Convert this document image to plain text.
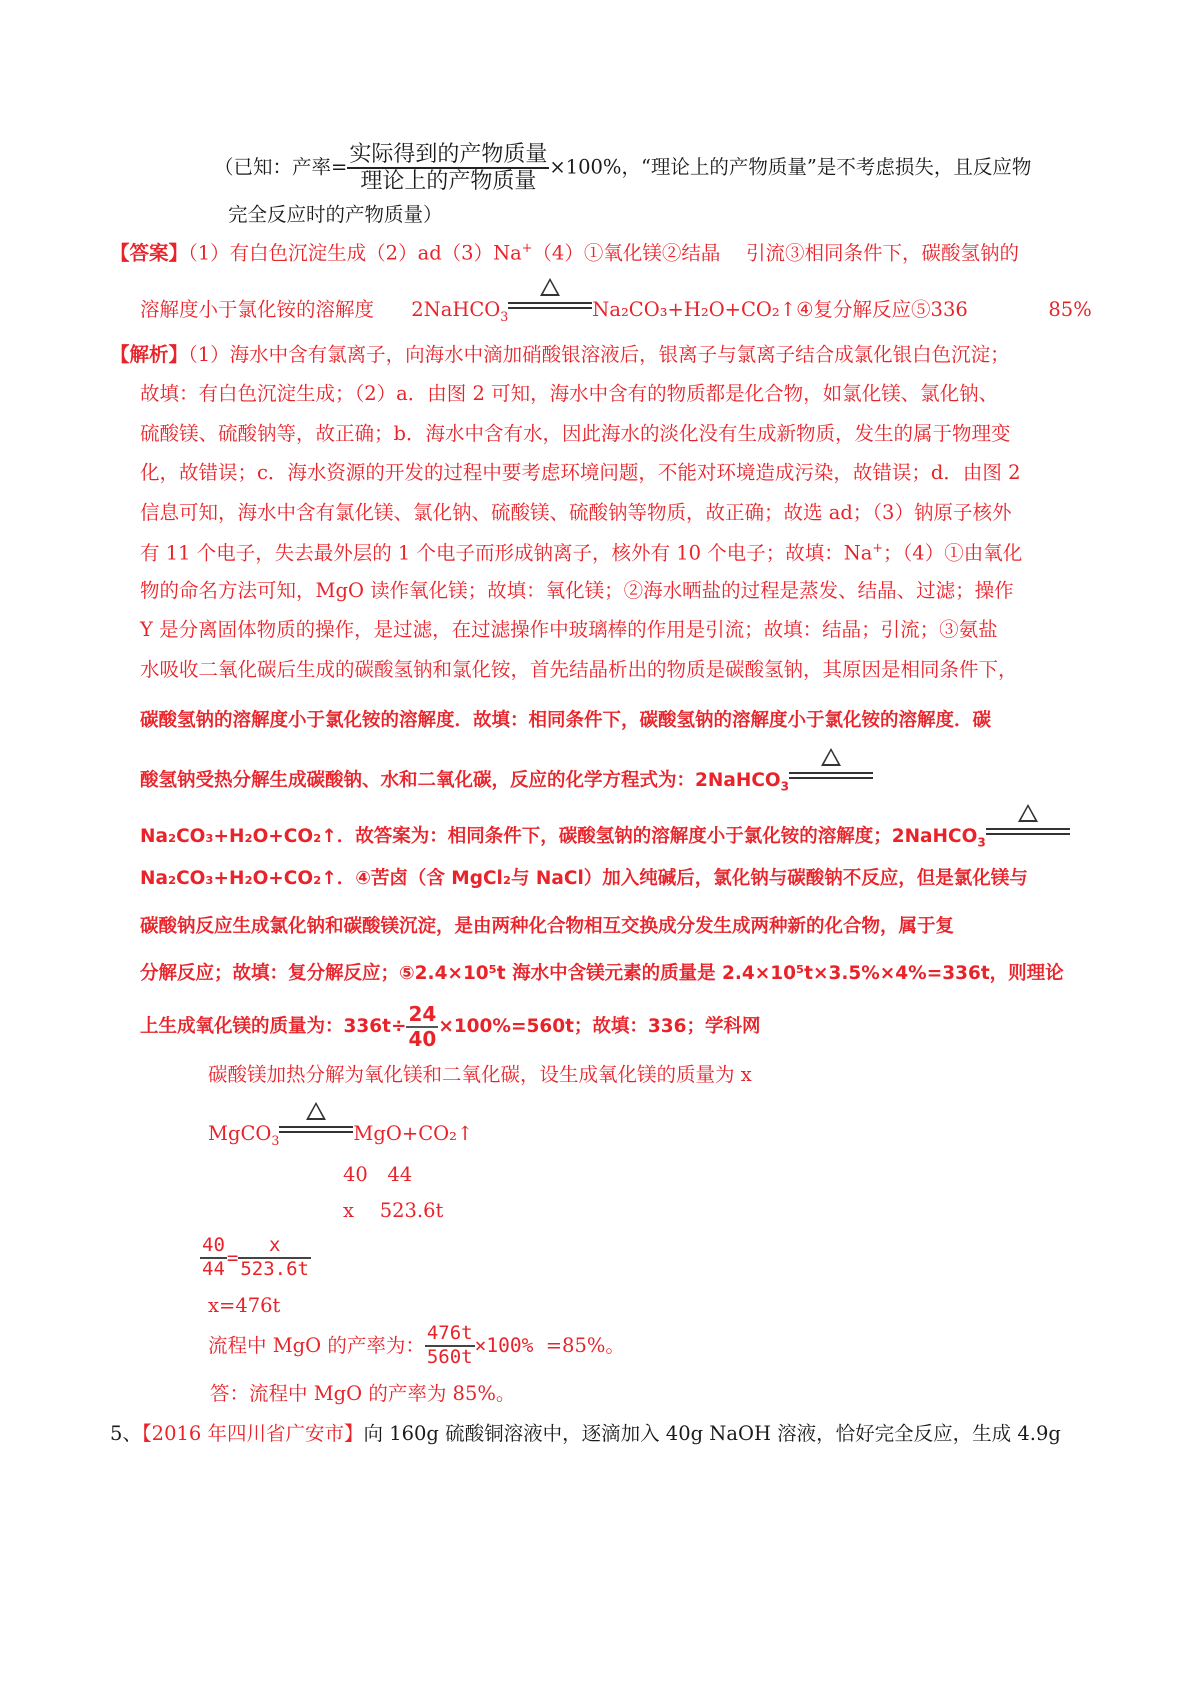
（已知：产率= $\frac{\text{实际得到的产物质量}}{\text{理论上的产物质量}} \times 100\%$，“理论上的产物质量”是不考虑损失，且反应物
完全反应时的产物质量）
【答案】（1）有白色沉淀生成（2）ad（3）Na+（4）①氧化镁②结晶　 引流③相同条件下，碳酸氢钠的
溶解度小于氯化铵的溶解度 2NaHCO$_3$	Na₂CO₃+H₂O+CO₂↑④复分解反应⑤336	85%
【解析】（1）海水中含有氯离子，向海水中滴加硝酸银溶液后，银离子与氯离子结合成氯化银白色沉淀；
故填：有白色沉淀生成；（2）a．由图 2 可知，海水中含有的物质都是化合物，如氯化镁、氯化钠、
硫酸镁、硫酸钠等，故正确；b．海水中含有水，因此海水的淡化没有生成新物质，发生的属于物理变
化，故错误；c．海水资源的开发的过程中要考虑环境问题，不能对环境造成污染，故错误；d．由图 2
信息可知，海水中含有氯化镁、氯化钠、硫酸镁、硫酸钠等物质，故正确；故选 ad；（3）钠原子核外
有 11 个电子，失去最外层的 1 个电子而形成钠离子，核外有 10 个电子；故填：Na+；（4）①由氧化
物的命名方法可知，MgO 读作氧化镁；故填：氧化镁；②海水晒盐的过程是蒸发、结晶、过滤；操作
Y 是分离固体物质的操作，是过滤，在过滤操作中玻璃棒的作用是引流；故填：结晶；引流；③氨盐
水吸收二氧化碳后生成的碳酸氢钠和氯化铵，首先结晶析出的物质是碳酸氢钠，其原因是相同条件下，
碳酸氢钠的溶解度小于氯化铵的溶解度．故填：相同条件下，碳酸氢钠的溶解度小于氯化铵的溶解度．碳
酸氢钠受热分解生成碳酸钠、水和二氧化碳，反应的化学方程式为：2NaHCO$_3$
Na₂CO₃+H₂O+CO₂↑．故答案为：相同条件下，碳酸氢钠的溶解度小于氯化铵的溶解度；2NaHCO$_3$
Na₂CO₃+H₂O+CO₂↑．④苦卤（含 MgCl₂与 NaCl）加入纯碱后，氯化钠与碳酸钠不反应，但是氯化镁与
碳酸钠反应生成氯化钠和碳酸镁沉淀，是由两种化合物相互交换成分发生成两种新的化合物，属于复
分解反应；故填：复分解反应；⑤2.4×10⁵t 海水中含镁元素的质量是 2.4×10⁵t×3.5%×4%=336t，则理论
上生成氧化镁的质量为：$336t\div \frac{24}{40} \times 100\%=560t$；故填：336；学科网
碳酸镁加热分解为氧化镁和二氧化碳，设生成氧化镁的质量为 x
MgCO$_3$	MgO+CO₂↑
40　44
x　 523.6t
$\frac{40}{44} = \frac{x}{523.6t}$
x=476t
流程中 MgO 的产率为： $\frac{476t}{560t} \times 100\% =85\%$。
答：流程中 MgO 的产率为 85%。
5、【2016 年四川省广安市】向 160g 硫酸铜溶液中，逐滴加入 40g NaOH 溶液，恰好完全反应，生成 4.9g
